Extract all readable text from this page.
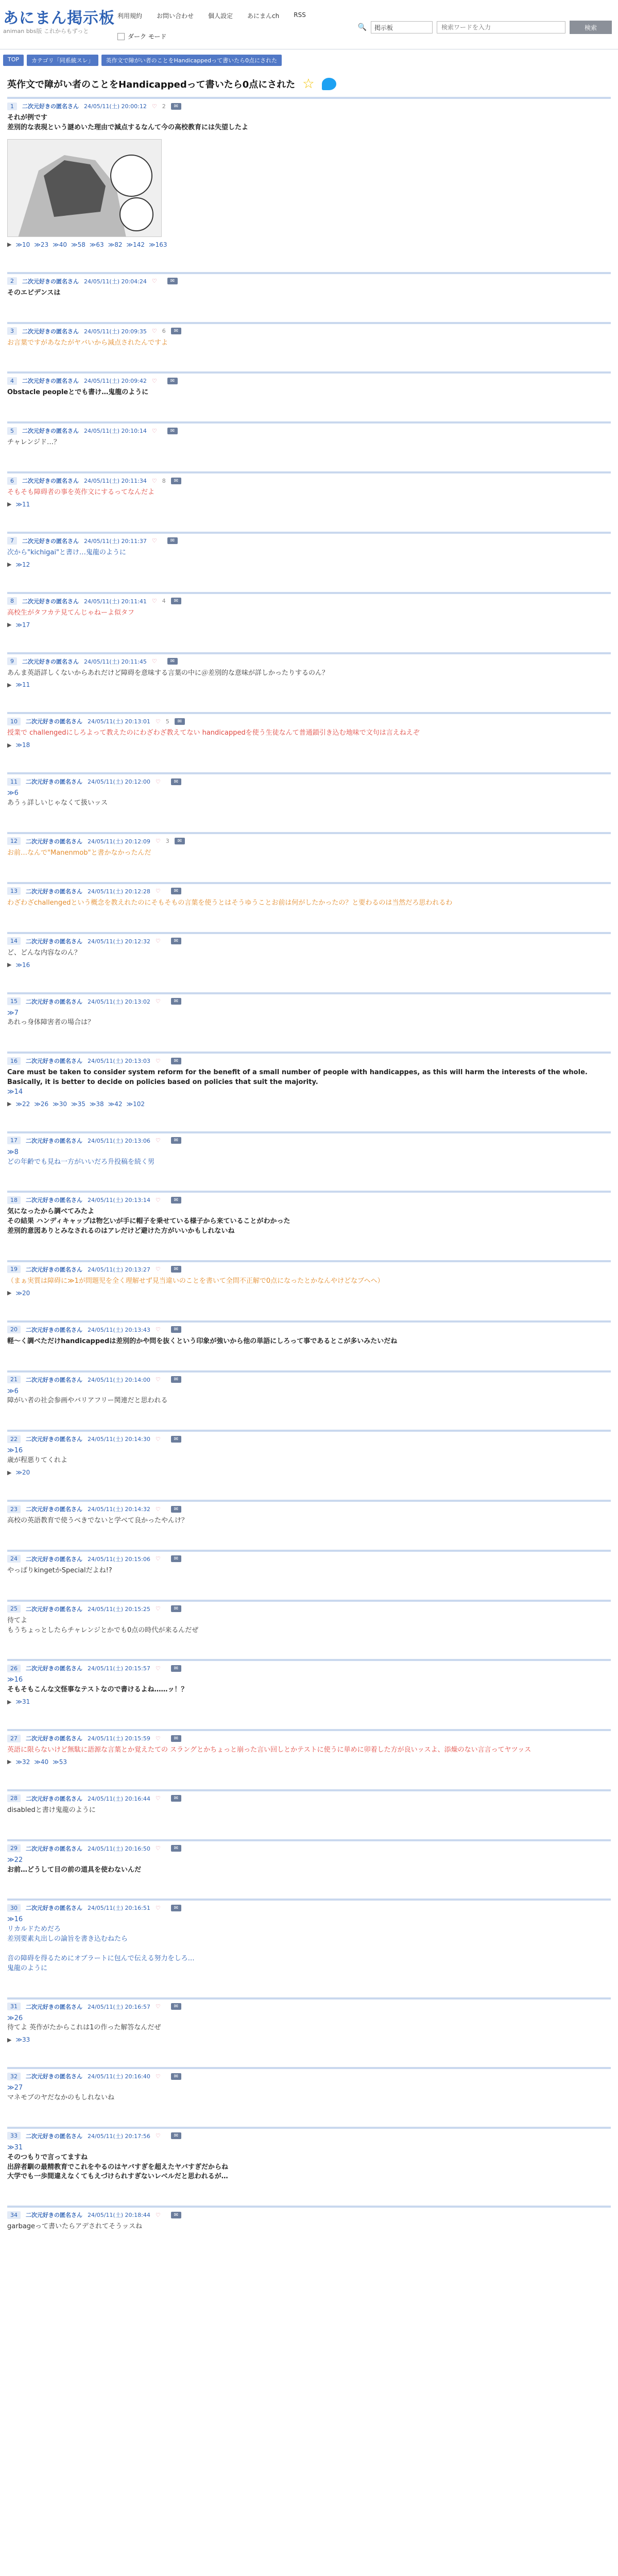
あにまん掲示板
animan bbs版 これからもずっと
利用規約 お問い合わせ 個人設定 あにまんch RSS
ダーク モード
🔍	掲示板
検索ワードを入力	検索
TOP	カテゴリ「同系統スレ」	英作文で障がい者のことをHandicappedって書いたら0点にされた
英作文で障がい者のことをHandicappedって書いたら0点にされた ☆
1	二次元好きの匿名さん 24/05/11(土) 20:00:12 ♡ 2	✉
それが例です
差別的な表現という謎めいた理由で減点するなんて今の高校教育には失望したよ
▶ ≫10 ≫23 ≫40 ≫58 ≫63 ≫82 ≫142 ≫163
2	二次元好きの匿名さん 24/05/11(土) 20:04:24 ♡	✉
そのエビデンスは
3	二次元好きの匿名さん 24/05/11(土) 20:09:35 ♡ 6	✉
お言葉ですがあなたがヤバいから減点されたんですよ
4	二次元好きの匿名さん 24/05/11(土) 20:09:42 ♡	✉
Obstacle peopleとでも書け…鬼龍のように
5	二次元好きの匿名さん 24/05/11(土) 20:10:14 ♡	✉
チャレンジド…？
6	二次元好きの匿名さん 24/05/11(土) 20:11:34 ♡ 8	✉
そもそも障碍者の事を英作文にするってなんだよ
▶ ≫11
7	二次元好きの匿名さん 24/05/11(土) 20:11:37 ♡	✉
次から"kichigai"と書け…鬼龍のように
▶ ≫12
8	二次元好きの匿名さん 24/05/11(土) 20:11:41 ♡ 4	✉
高校生がタフカテ見てんじゃねーよ似タフ
▶ ≫17
9	二次元好きの匿名さん 24/05/11(土) 20:11:45 ♡	✉
あんま英語詳しくないからあれだけど障碍を意味する言葉の中に＠差別的な意味が詳しかったりするのん？
▶ ≫11
10	二次元好きの匿名さん 24/05/11(土) 20:13:01 ♡ 5	✉
授業で challengedにしろよって教えたのにわざわざ教えてない handicappedを使う生徒なんて普通鎖引き込む地味で文句は言えねえぞ
▶ ≫18
11	二次元好きの匿名さん 24/05/11(土) 20:12:00 ♡	✉
≫6
あうぅ詳しいじゃなくて扱いッス
12	二次元好きの匿名さん 24/05/11(土) 20:12:09 ♡ 3	✉
お前…なんで"Manenmob"と書かなかったんだ
13	二次元好きの匿名さん 24/05/11(土) 20:12:28 ♡	✉
わざわざchallengedという概念を教えれたのにそもそもの言葉を使うとはそうゆうことお前は何がしたかったの？と要わるのは当然だろ思われるわ
14	二次元好きの匿名さん 24/05/11(土) 20:12:32 ♡	✉
ど、どんな内容なのん？
▶ ≫16
15	二次元好きの匿名さん 24/05/11(土) 20:13:02 ♡	✉
≫7
あれっ身体障害者の場合は？
16	二次元好きの匿名さん 24/05/11(土) 20:13:03 ♡	✉
Care must be taken to consider system reform for the benefit of a small number of people with handicappes, as this will harm the interests of the whole.
Basically, it is better to decide on policies based on policies that suit the majority.
≫14
▶ ≫22 ≫26 ≫30 ≫35 ≫38 ≫42 ≫102
17	二次元好きの匿名さん 24/05/11(土) 20:13:06 ♡	✉
≫8
どの年齢でも見ね一方がいいだろ升投稿を続く男
18	二次元好きの匿名さん 24/05/11(土) 20:13:14 ♡	✉
気になったから調べてみたよ
その結果 ハンディキャップは物乞いが手に帽子を乗せている様子から来ていることがわかった
差別的意図ありとみなされるのはアレだけど避けた方がいいかもしれないね
19	二次元好きの匿名さん 24/05/11(土) 20:13:27 ♡	✉
（まぁ実質は障碍に≫1が問題児を全く理解せず見当違いのことを書いて全問不正解で0点になったとかなんやけどなブヘヘ）
▶ ≫20
20	二次元好きの匿名さん 24/05/11(土) 20:13:43 ♡	✉
軽～く調べただけhandicappedは差別的かや問を抜くという印象が強いから他の単語にしろって事であるとこが多いみたいだね
21	二次元好きの匿名さん 24/05/11(土) 20:14:00 ♡	✉
≫6
障がい者の社会参画やバリアフリー関連だと思われる
22	二次元好きの匿名さん 24/05/11(土) 20:14:30 ♡	✉
≫16
歳が程悪りてくれよ
▶ ≫20
23	二次元好きの匿名さん 24/05/11(土) 20:14:32 ♡	✉
高校の英語教育で使うべきでないと学べて良かったやんけ？
24	二次元好きの匿名さん 24/05/11(土) 20:15:06 ♡	✉
やっぱりkingetかSpecialだよね!?
25	二次元好きの匿名さん 24/05/11(土) 20:15:25 ♡	✉
待てよ
もうちょっとしたらチャレンジとかでも0点の時代が来るんだぜ
26	二次元好きの匿名さん 24/05/11(土) 20:15:57 ♡	✉
≫16
そもそもこんな文怪事なテストなので書けるよね……ッ！？
▶ ≫31
27	二次元好きの匿名さん 24/05/11(土) 20:15:59 ♡	✉
英語に限らないけど無駄に語源な言葉とか覚えたての スラングとかちょっと崩った言い回しとかテストに使うに単めに卯着した方が良いッスよ、添燥のない言言ってヤツッス
▶ ≫32 ≫40 ≫53
28	二次元好きの匿名さん 24/05/11(土) 20:16:44 ♡	✉
disabledと書け鬼龍のように
29	二次元好きの匿名さん 24/05/11(土) 20:16:50 ♡	✉
≫22
お前…どうして目の前の道具を使わないんだ
30	二次元好きの匿名さん 24/05/11(土) 20:16:51 ♡	✉
≫16
リカルドためだろ
差別要素丸出しの論旨を書き込むねたら

音の障碍を得るためにオブラートに包んで伝える努力をしろ…
鬼龍のように
31	二次元好きの匿名さん 24/05/11(土) 20:16:57 ♡	✉
≫26
待てよ 英作がたからこれは1の作った解答なんだぜ
▶ ≫33
32	二次元好きの匿名さん 24/05/11(土) 20:16:40 ♡	✉
≫27
マネモブのヤだなかのもしれないね
33	二次元好きの匿名さん 24/05/11(土) 20:17:56 ♡	✉
≫31
そのつもりで言ってますね
出辞者馴の最精教育でこれをやるのはヤバすぎを超えたヤバすぎだからね
大学でも一歩間違えなくてもえづけられすぎないレベルだと思われるが…
34	二次元好きの匿名さん 24/05/11(土) 20:18:44 ♡	✉
garbageって書いたらアデされてそうッスね
